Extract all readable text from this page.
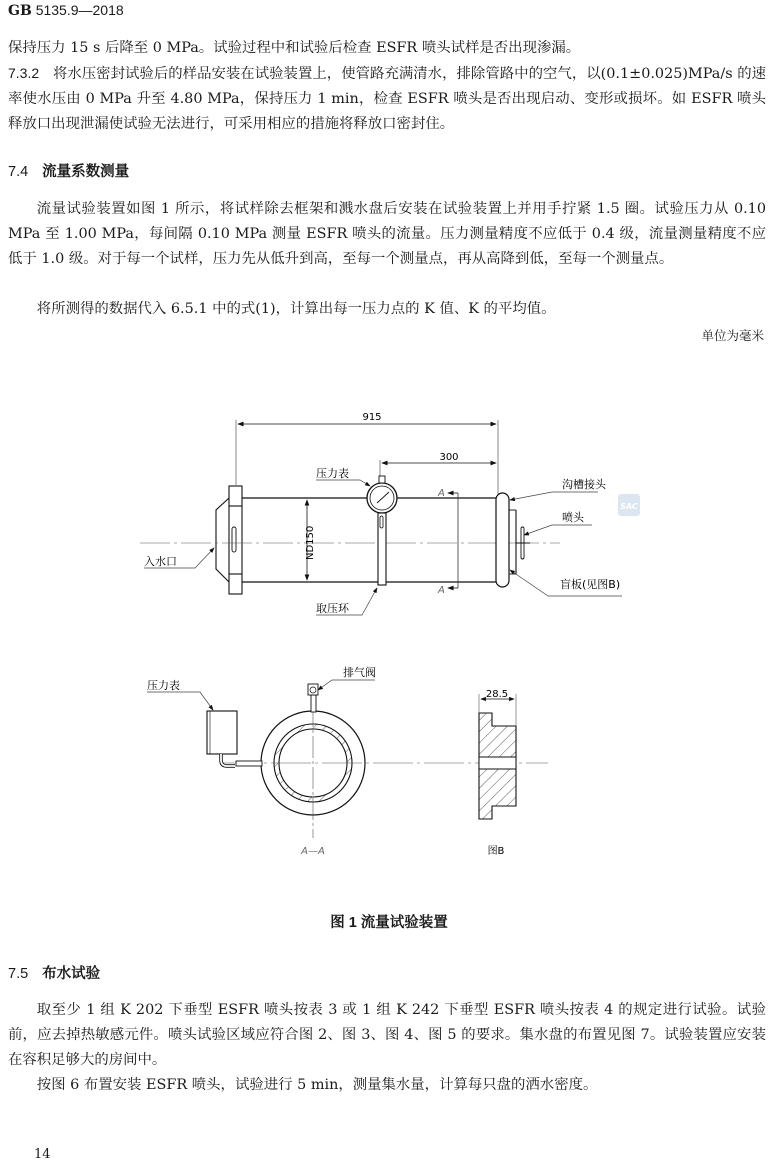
GB 5135.9—2018
保持压力 15 s 后降至 0 MPa。试验过程中和试验后检查 ESFR 喷头试样是否出现渗漏。
7.3.2 将水压密封试验后的样品安装在试验装置上，使管路充满清水，排除管路中的空气，以(0.1±0.025)MPa/s 的速率使水压由 0 MPa 升至 4.80 MPa，保持压力 1 min，检查 ESFR 喷头是否出现启动、变形或损坏。如 ESFR 喷头释放口出现泄漏使试验无法进行，可采用相应的措施将释放口密封住。
7.4 流量系数测量
流量试验装置如图 1 所示，将试样除去框架和溅水盘后安装在试验装置上并用手拧紧 1.5 圈。试验压力从 0.10 MPa 至 1.00 MPa，每间隔 0.10 MPa 测量 ESFR 喷头的流量。压力测量精度不应低于 0.4 级，流量测量精度不应低于 1.0 级。对于每一个试样，压力先从低升到高，至每一个测量点，再从高降到低，至每一个测量点。
将所测得的数据代入 6.5.1 中的式(1)，计算出每一压力点的 K 值、K 的平均值。
单位为毫米
915
300
ND150
A
A
SAC
压力表
沟槽接头
喷头
入水口
取压环
盲板(见图B)
压力表
排气阀
A—A
28.5
图B
图 1 流量试验装置
7.5 布水试验
取至少 1 组 K 202 下垂型 ESFR 喷头按表 3 或 1 组 K 242 下垂型 ESFR 喷头按表 4 的规定进行试验。试验前，应去掉热敏感元件。喷头试验区域应符合图 2、图 3、图 4、图 5 的要求。集水盘的布置见图 7。试验装置应安装在容积足够大的房间中。
按图 6 布置安装 ESFR 喷头，试验进行 5 min，测量集水量，计算每只盘的洒水密度。
14
